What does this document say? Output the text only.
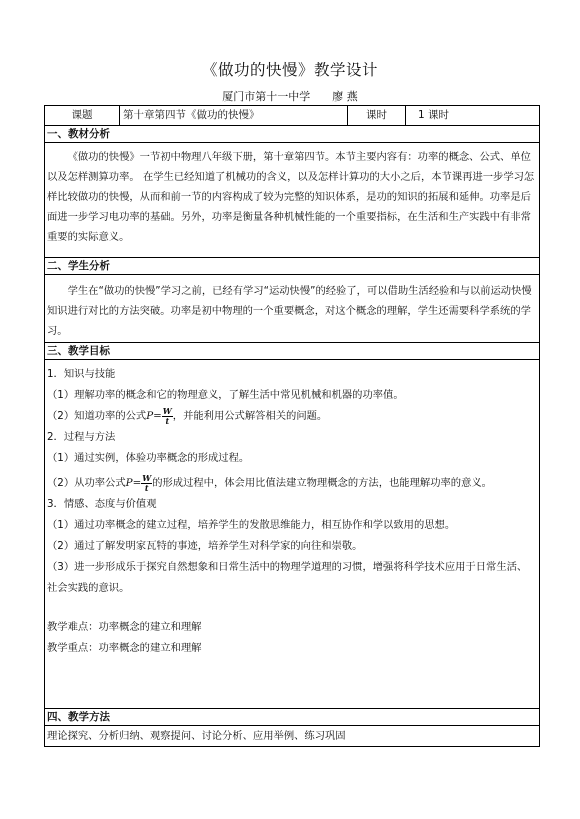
《做功的快慢》教学设计
厦门市第十一中学 廖 燕
课题	第十章第四节《做功的快慢》	课时	1 课时
一、教材分析

《做功的快慢》一节初中物理八年级下册，第十章第四节。本节主要内容有：功率的概念、公式、单位以及怎样测算功率。 在学生已经知道了机械功的含义，以及怎样计算功的大小之后，本节课再进一步学习怎样比较做功的快慢，从而和前一节的内容构成了较为完整的知识体系，是功的知识的拓展和延伸。功率是后面进一步学习电功率的基础。另外，功率是衡量各种机械性能的一个重要指标，在生活和生产实践中有非常重要的实际意义。

二、学生分析

学生在“做功的快慢”学习之前，已经有学习“运动快慢”的经验了，可以借助生活经验和与以前运动快慢知识进行对比的方法突破。功率是初中物理的一个重要概念，对这个概念的理解，学生还需要科学系统的学习。

三、教学目标
1．知识与技能
（1）理解功率的概念和它的物理意义，了解生活中常见机械和机器的功率值。
（2）知道功率的公式$P= \frac{W}{t}$ ，并能利用公式解答相关的问题。
2．过程与方法
（1）通过实例，体验功率概念的形成过程。
（2）从功率公式$P= \frac{W}{t}$ 的形成过程中，体会用比值法建立物理概念的方法，也能理解功率的意义。
3．情感、态度与价值观
（1）通过功率概念的建立过程，培养学生的发散思维能力，相互协作和学以致用的思想。
（2）通过了解发明家瓦特的事迹，培养学生对科学家的向往和崇敬。
（3）进一步形成乐于探究自然想象和日常生活中的物理学道理的习惯，增强将科学技术应用于日常生活、社会实践的意识。
教学难点：功率概念的建立和理解
教学重点：功率概念的建立和理解
四、教学方法
理论探究、分析归纳、观察提问、讨论分析、应用举例、练习巩固
